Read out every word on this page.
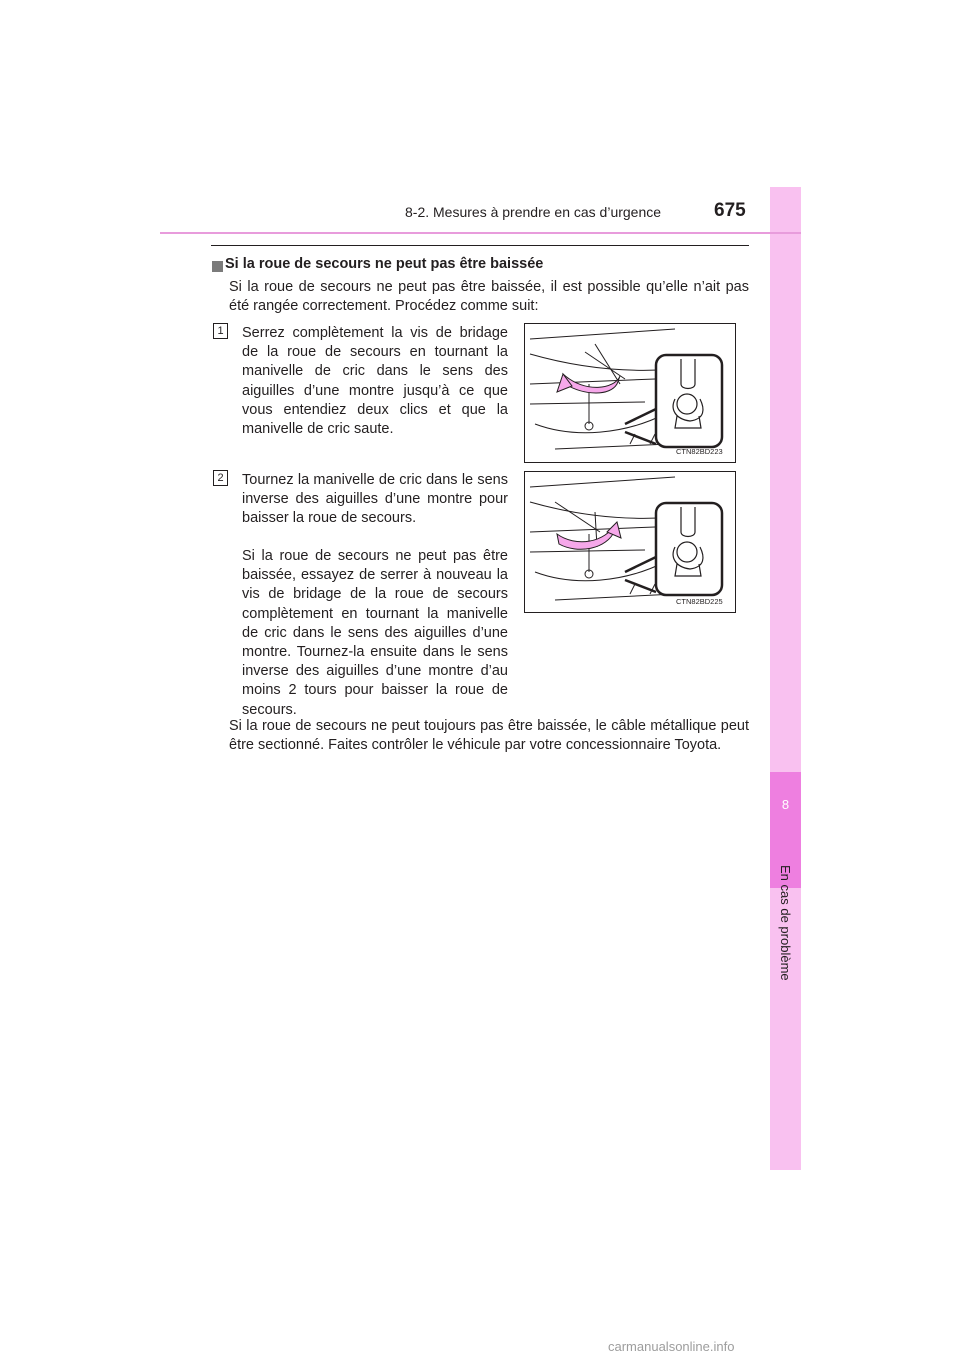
8
En cas de problème
8-2. Mesures à prendre en cas d’urgence	675
Si la roue de secours ne peut pas être baissée
Si la roue de secours ne peut pas être baissée, il est possible qu’elle n’ait pas été rangée correctement. Procédez comme suit:
1	Serrez complètement la vis de bridage de la roue de secours en tournant la manivelle de cric dans le sens des aiguilles d’une montre jusqu’à ce que vous entendiez deux clics et que la manivelle de cric saute.
CTN82BD223
2	Tournez la manivelle de cric dans le sens inverse des aiguilles d’une montre pour baisser la roue de secours.
Si la roue de secours ne peut pas être baissée, essayez de serrer à nouveau la vis de bridage de la roue de secours complètement en tournant la manivelle de cric dans le sens des aiguilles d’une montre. Tournez-la ensuite dans le sens inverse des aiguilles d’une montre d’au moins 2 tours pour baisser la roue de secours.
CTN82BD225
Si la roue de secours ne peut toujours pas être baissée, le câble métallique peut être sectionné. Faites contrôler le véhicule par votre concessionnaire Toyota.
carmanualsonline.info
